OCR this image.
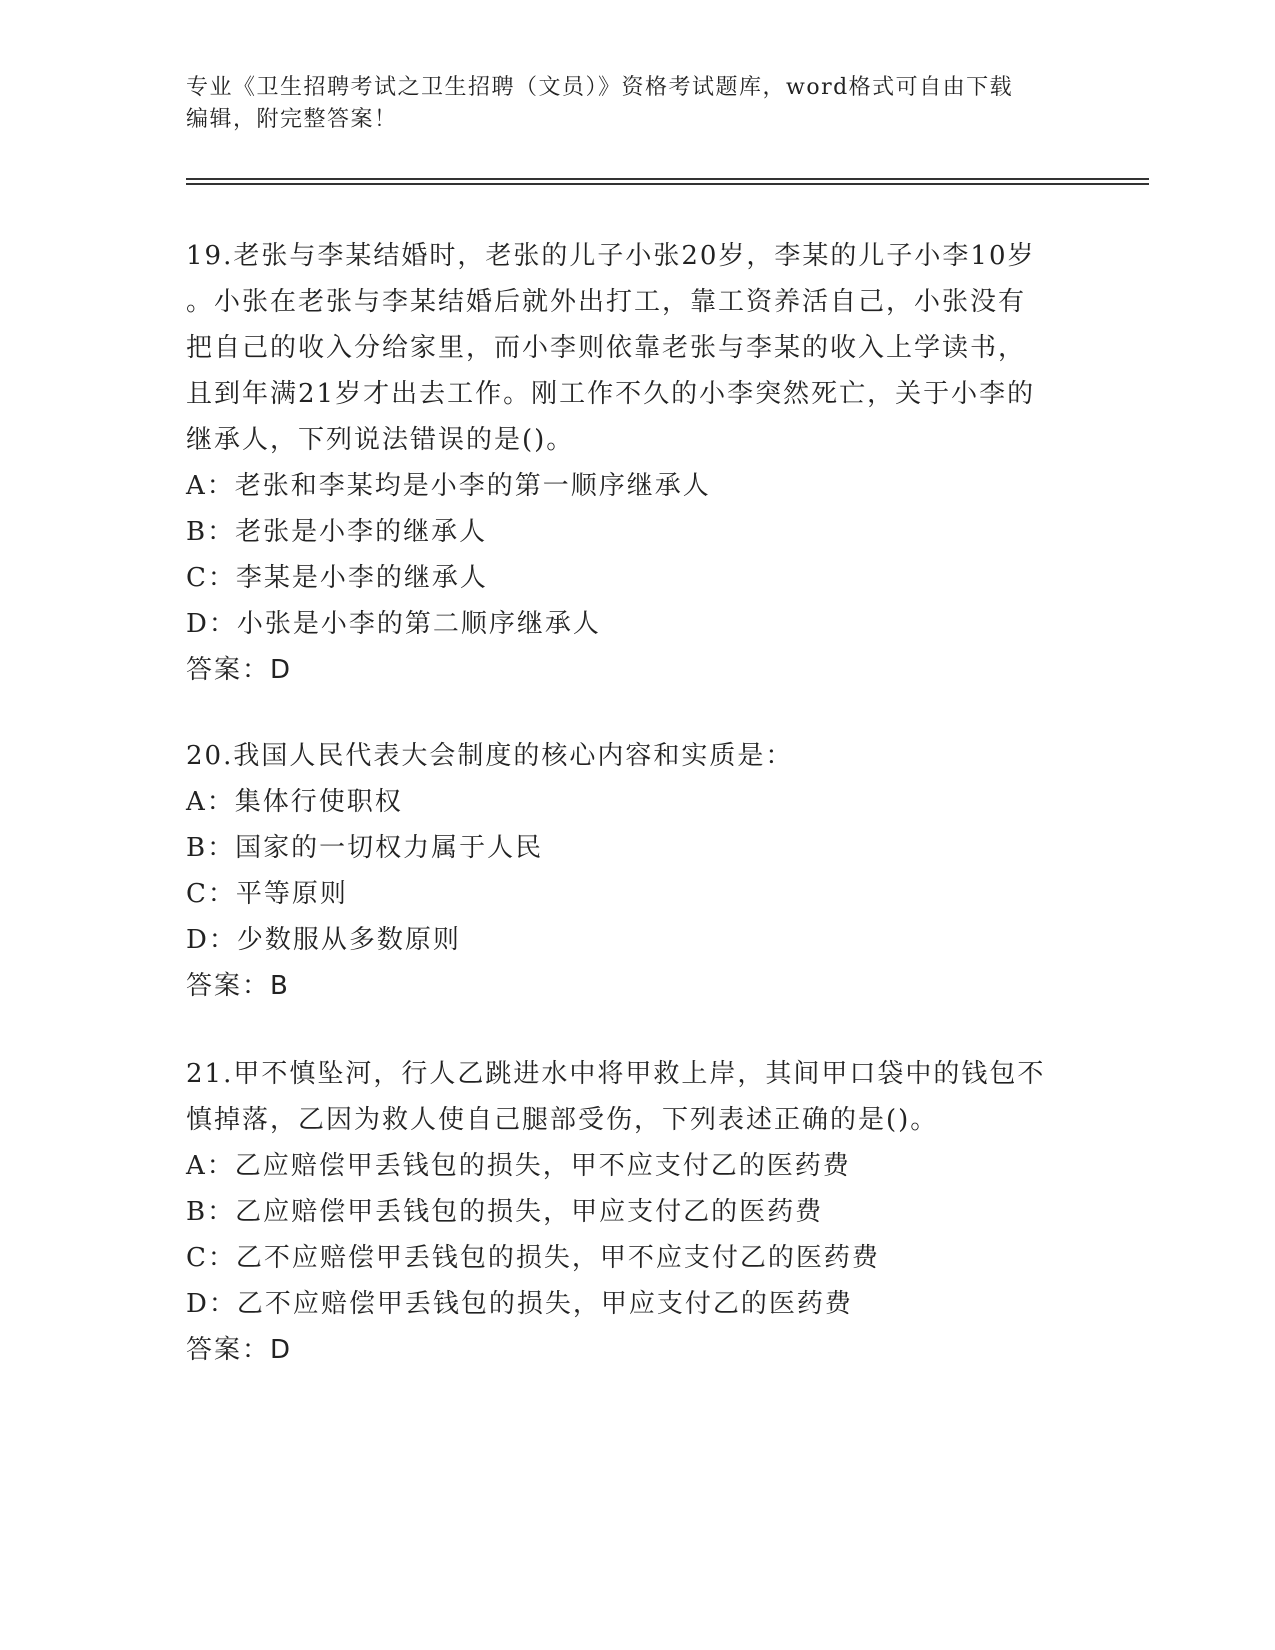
专业《卫生招聘考试之卫生招聘（文员）》资格考试题库，word格式可自由下载
编辑，附完整答案！

19.老张与李某结婚时，老张的儿子小张20岁，李某的儿子小李10岁

。小张在老张与李某结婚后就外出打工，靠工资养活自己，小张没有

把自己的收入分给家里，而小李则依靠老张与李某的收入上学读书，

且到年满21岁才出去工作。刚工作不久的小李突然死亡，关于小李的

继承人，下列说法错误的是()。

A：老张和李某均是小李的第一顺序继承人

B：老张是小李的继承人

C：李某是小李的继承人

D：小张是小李的第二顺序继承人

答案：D

20.我国人民代表大会制度的核心内容和实质是：

A：集体行使职权

B：国家的一切权力属于人民

C：平等原则

D：少数服从多数原则

答案：B

21.甲不慎坠河，行人乙跳进水中将甲救上岸，其间甲口袋中的钱包不

慎掉落，乙因为救人使自己腿部受伤，下列表述正确的是()。

A：乙应赔偿甲丢钱包的损失，甲不应支付乙的医药费

B：乙应赔偿甲丢钱包的损失，甲应支付乙的医药费

C：乙不应赔偿甲丢钱包的损失，甲不应支付乙的医药费

D：乙不应赔偿甲丢钱包的损失，甲应支付乙的医药费

答案：D
